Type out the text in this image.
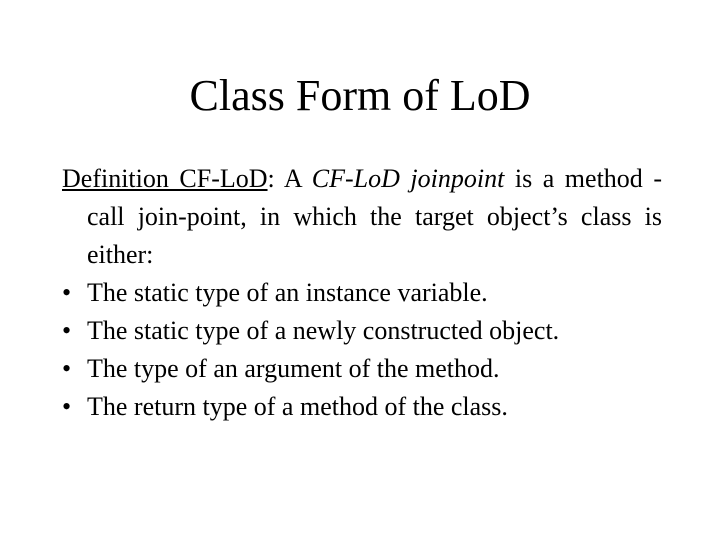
Class Form of LoD
Definition CF-LoD: A CF-LoD joinpoint is a method -call join-point, in which the target object’s class is either:
• The static type of an instance variable.
• The static type of a newly constructed object.
• The type of an argument of the method.
• The return type of a method of the class.
